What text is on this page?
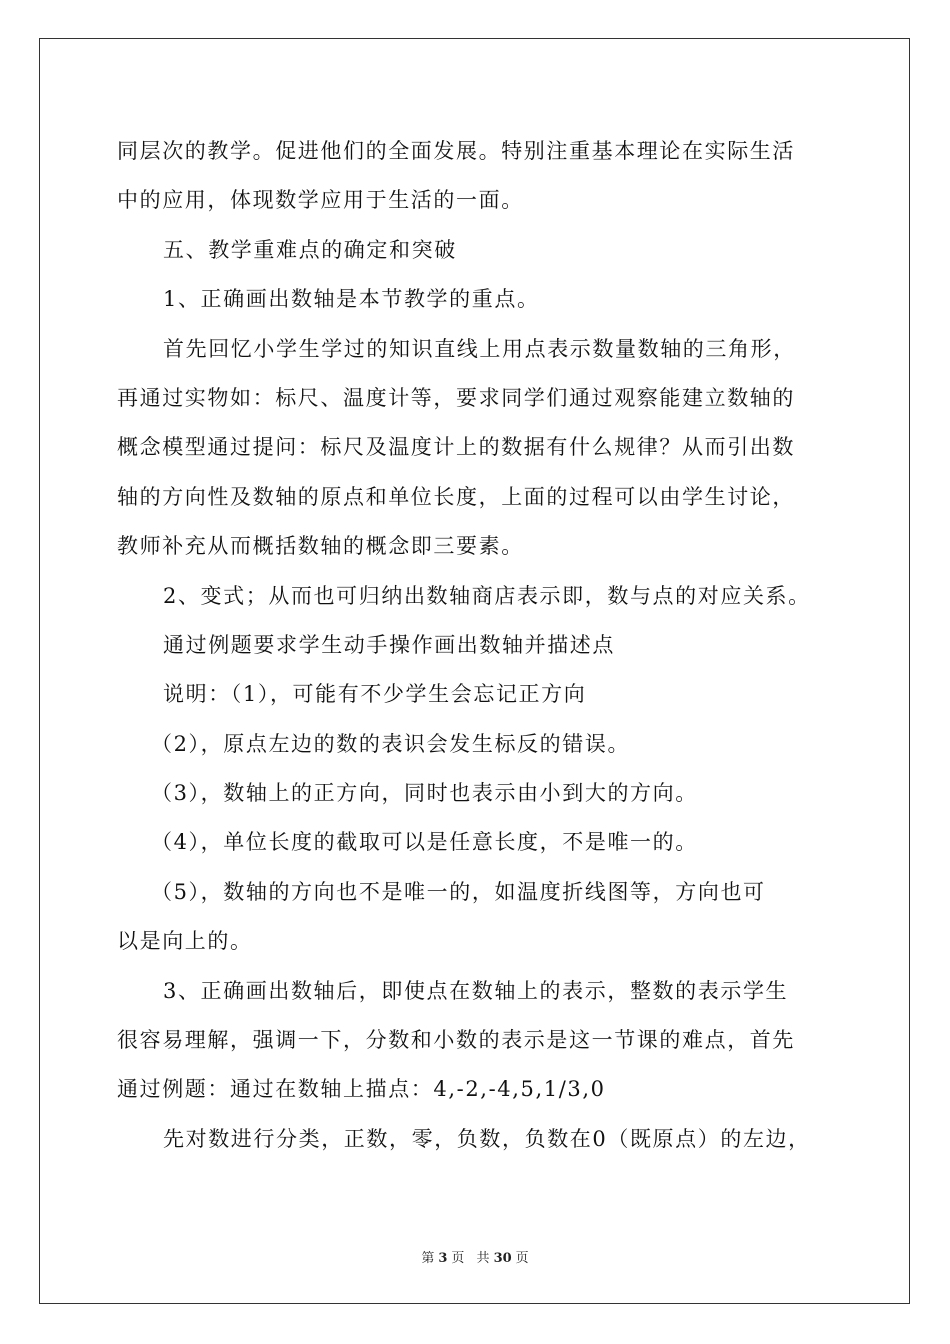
同层次的教学。促进他们的全面发展。特别注重基本理论在实际生活
中的应用，体现数学应用于生活的一面。
五、教学重难点的确定和突破
1、正确画出数轴是本节教学的重点。
首先回忆小学生学过的知识直线上用点表示数量数轴的三角形，
再通过实物如：标尺、温度计等，要求同学们通过观察能建立数轴的
概念模型通过提问：标尺及温度计上的数据有什么规律？从而引出数
轴的方向性及数轴的原点和单位长度，上面的过程可以由学生讨论，
教师补充从而概括数轴的概念即三要素。
2、变式；从而也可归纳出数轴商店表示即，数与点的对应关系。
通过例题要求学生动手操作画出数轴并描述点
说明：（1），可能有不少学生会忘记正方向
（2），原点左边的数的表识会发生标反的错误。
（3），数轴上的正方向，同时也表示由小到大的方向。
（4），单位长度的截取可以是任意长度，不是唯一的。
（5），数轴的方向也不是唯一的，如温度折线图等，方向也可
以是向上的。
3、正确画出数轴后，即使点在数轴上的表示，整数的表示学生
很容易理解，强调一下，分数和小数的表示是这一节课的难点，首先
通过例题：通过在数轴上描点：4,-2,-4,5,1/3,0
先对数进行分类，正数，零，负数，负数在0（既原点）的左边，
第 3 页 共 30 页
